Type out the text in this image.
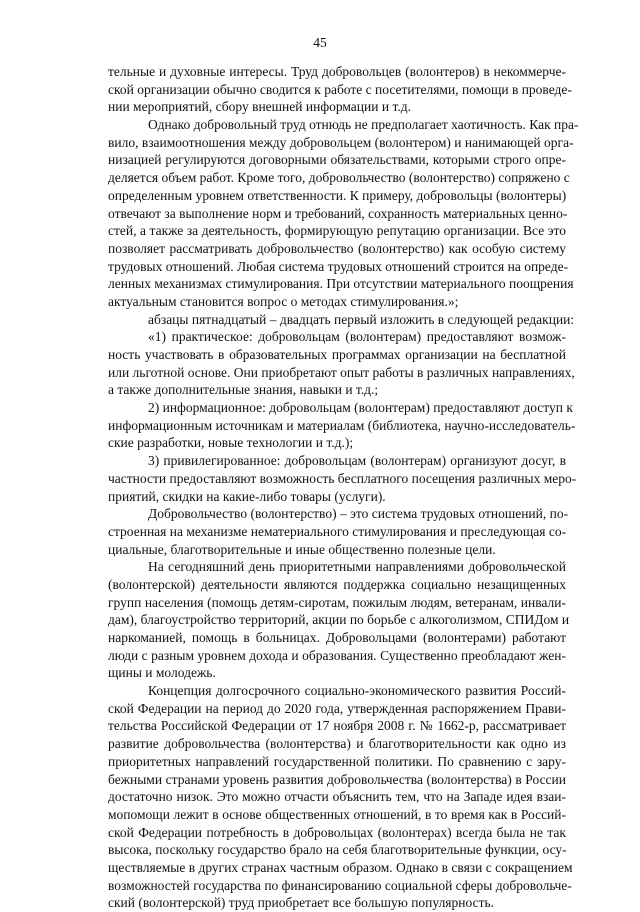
45
тельные и духовные интересы. Труд добровольцев (волонтеров) в некоммерче-
ской организации обычно сводится к работе с посетителями, помощи в проведе-
нии мероприятий, сбору внешней информации и т.д.
Однако добровольный труд отнюдь не предполагает хаотичность. Как пра-
вило, взаимоотношения между добровольцем (волонтером) и нанимающей орга-
низацией регулируются договорными обязательствами, которыми строго опре-
деляется объем работ. Кроме того, добровольчество (волонтерство) сопряжено с
определенным уровнем ответственности. К примеру, добровольцы (волонтеры)
отвечают за выполнение норм и требований, сохранность материальных ценно-
стей, а также за деятельность, формирующую репутацию организации. Все это
позволяет рассматривать добровольчество (волонтерство) как особую систему
трудовых отношений. Любая система трудовых отношений строится на опреде-
ленных механизмах стимулирования. При отсутствии материального поощрения
актуальным становится вопрос о методах стимулирования.»;
абзацы пятнадцатый – двадцать первый изложить в следующей редакции:
«1) практическое: добровольцам (волонтерам) предоставляют возмож-
ность участвовать в образовательных программах организации на бесплатной
или льготной основе. Они приобретают опыт работы в различных направлениях,
а также дополнительные знания, навыки и т.д.;
2) информационное: добровольцам (волонтерам) предоставляют доступ к
информационным источникам и материалам (библиотека, научно-исследователь-
ские разработки, новые технологии и т.д.);
3) привилегированное: добровольцам (волонтерам) организуют досуг, в
частности предоставляют возможность бесплатного посещения различных меро-
приятий, скидки на какие-либо товары (услуги).
Добровольчество (волонтерство) – это система трудовых отношений, по-
строенная на механизме нематериального стимулирования и преследующая со-
циальные, благотворительные и иные общественно полезные цели.
На сегодняшний день приоритетными направлениями добровольческой
(волонтерской) деятельности являются поддержка социально незащищенных
групп населения (помощь детям-сиротам, пожилым людям, ветеранам, инвали-
дам), благоустройство территорий, акции по борьбе с алкоголизмом, СПИДом и
наркоманией, помощь в больницах. Добровольцами (волонтерами) работают
люди с разным уровнем дохода и образования. Существенно преобладают жен-
щины и молодежь.
Концепция долгосрочного социально-экономического развития Россий-
ской Федерации на период до 2020 года, утвержденная распоряжением Прави-
тельства Российской Федерации от 17 ноября 2008 г. № 1662-р, рассматривает
развитие добровольчества (волонтерства) и благотворительности как одно из
приоритетных направлений государственной политики. По сравнению с зару-
бежными странами уровень развития добровольчества (волонтерства) в России
достаточно низок. Это можно отчасти объяснить тем, что на Западе идея взаи-
мопомощи лежит в основе общественных отношений, в то время как в Россий-
ской Федерации потребность в добровольцах (волонтерах) всегда была не так
высока, поскольку государство брало на себя благотворительные функции, осу-
ществляемые в других странах частным образом. Однако в связи с сокращением
возможностей государства по финансированию социальной сферы добровольче-
ский (волонтерской) труд приобретает все большую популярность.
